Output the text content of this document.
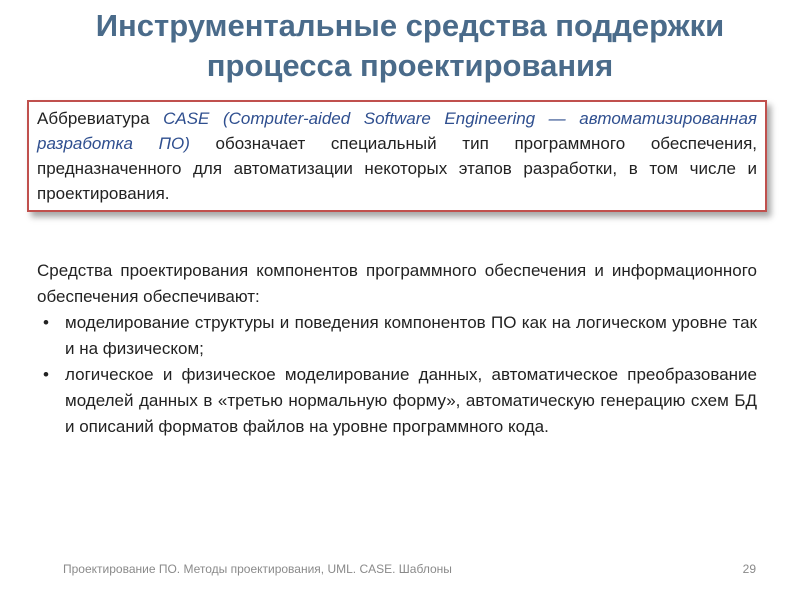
Инструментальные средства поддержки
процесса проектирования
Аббревиатура CASE (Computer-aided Software Engineering — автоматизированная разработка ПО) обозначает специальный тип программного обеспечения, предназначенного для автоматизации некоторых этапов разработки, в том числе и проектирования.
Средства проектирования компонентов программного обеспечения и информационного обеспечения обеспечивают:
• моделирование структуры и поведения компонентов ПО как на логическом уровне так и на физическом;
• логическое и физическое моделирование данных, автоматическое преобразование моделей данных в «третью нормальную форму», автоматическую генерацию схем БД и описаний форматов файлов на уровне программного кода.
Проектирование ПО. Методы проектирования, UML. CASE. Шаблоны	29
